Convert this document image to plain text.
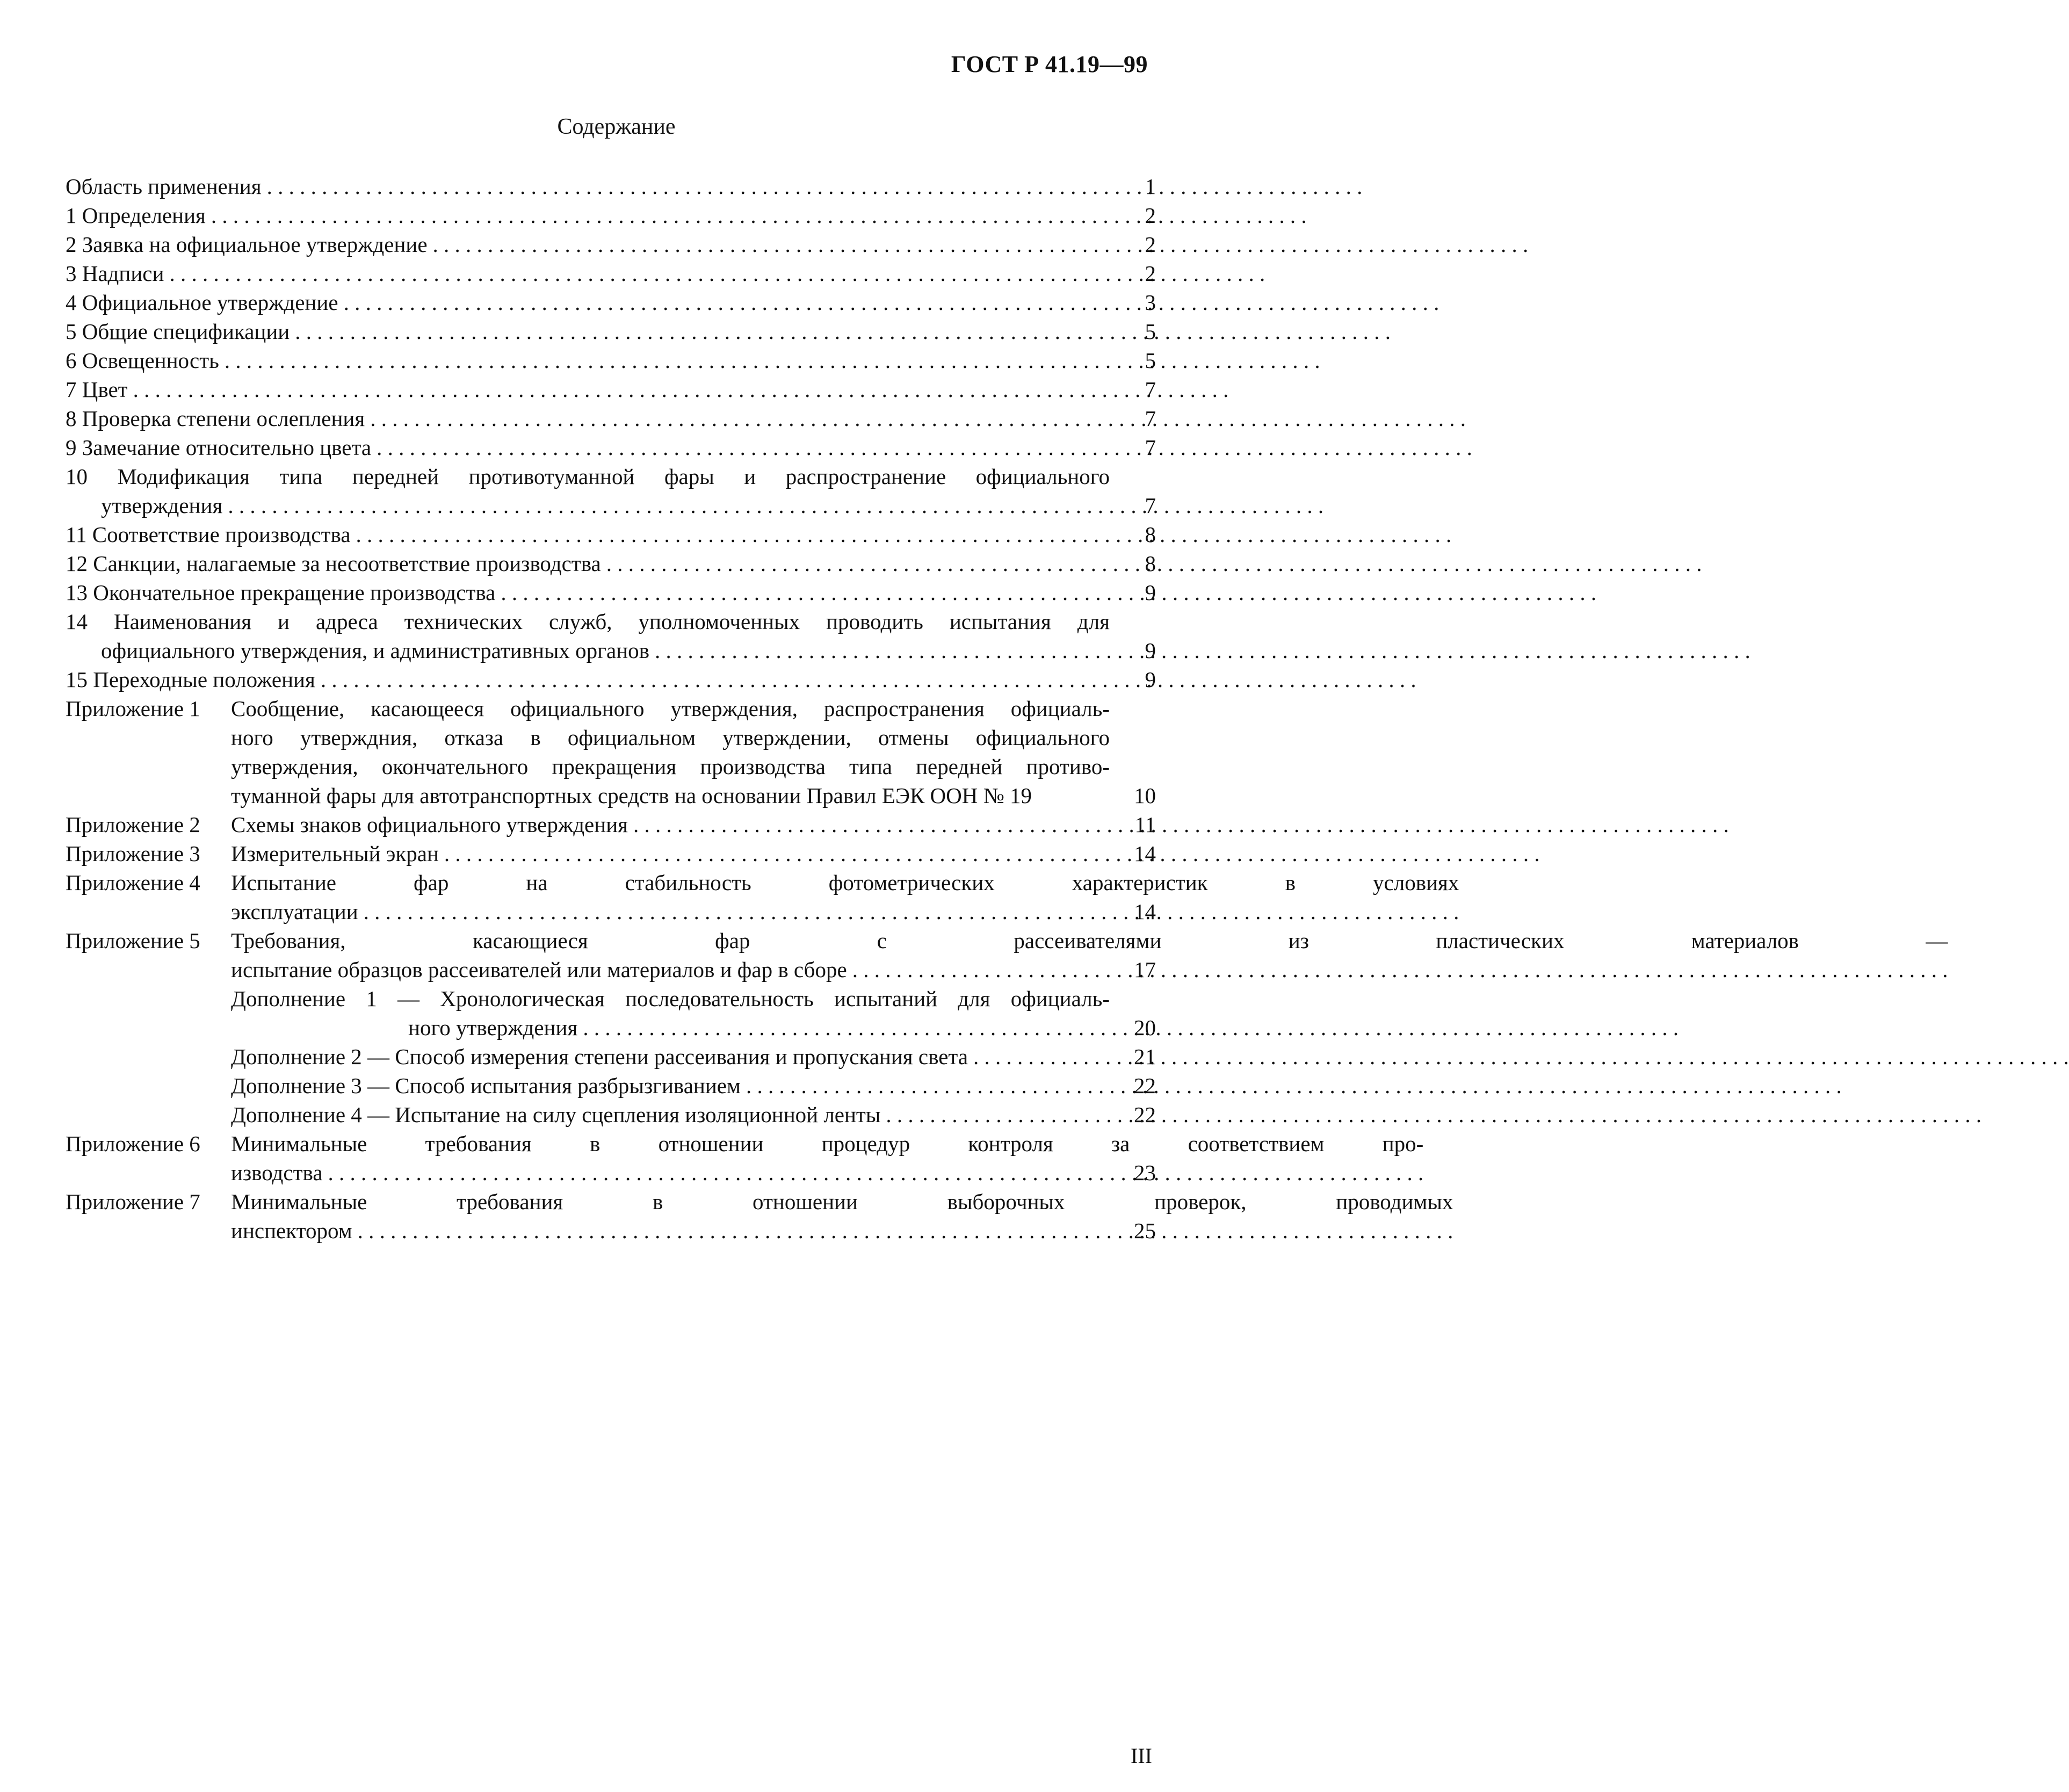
ГОСТ Р 41.19—99
Содержание
Область применения . . .	1
1 Определения . . .	2
2 Заявка на официальное утверждение . . .	2
3 Надписи . . .	2
4 Официальное утверждение . . .	3
5 Общие спецификации . . .	5
6 Освещенность . . .	5
7 Цвет . . .	7
8 Проверка степени ослепления . . .	7
9 Замечание относительно цвета . . .	7
10 Модификация типа передней противотуманной фары и распространение официального
утверждения . . .	7
11 Соответствие производства . . .	8
12 Санкции, налагаемые за несоответствие производства . . .	8
13 Окончательное прекращение производства . . .	9
14 Наименования и адреса технических служб, уполномоченных проводить испытания для
официального утверждения, и административных органов . . .	9
15 Переходные положения . . .	9
Приложение 1	Сообщение, касающееся официального утверждения, распространения официаль-
ного утверждния, отказа в официальном утверждении, отмены официального
утверждения, окончательного прекращения производства типа передней противо-
туманной фары для автотранспортных средств на основании Правил ЕЭК ООН № 19	10
Приложение 2	Схемы знаков официального утверждения . . .	11
Приложение 3	Измерительный экран . . .	14
Приложение 4	Испытание фар на стабильность фотометрических характеристик в условиях
эксплуатации . . .	14
Приложение 5	Требования, касающиеся фар с рассеивателями из пластических материалов —
испытание образцов рассеивателей или материалов и фар в сборе . . .	17
Дополнение 1 — Хронологическая последовательность испытаний для официаль-
ного утверждения . . .	20
Дополнение 2 — Способ измерения степени рассеивания и пропускания света . . .	21
Дополнение 3 — Способ испытания разбрызгиванием . . .	22
Дополнение 4 — Испытание на силу сцепления изоляционной ленты . . .	22
Приложение 6	Минимальные требования в отношении процедур контроля за соответствием про-
изводства . . .	23
Приложение 7	Минимальные требования в отношении выборочных проверок, проводимых
инспектором . . .	25
III
